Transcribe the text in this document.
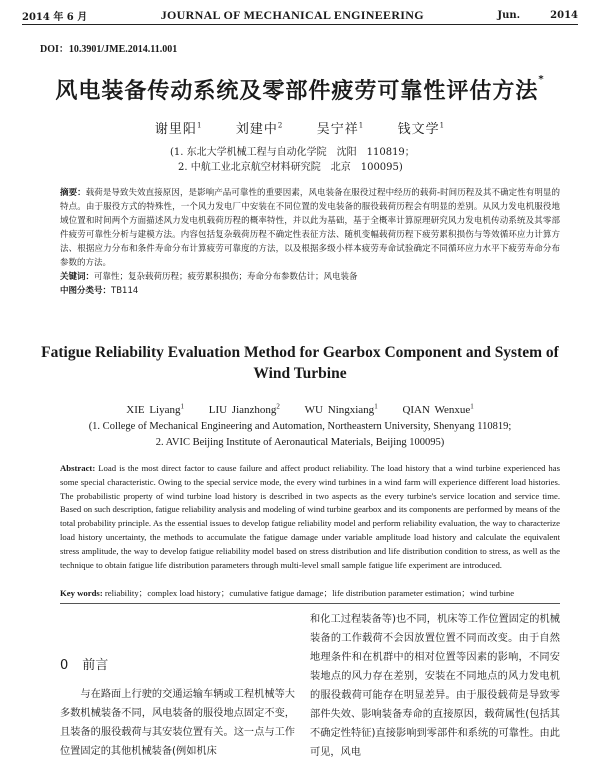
2014 年 6 月	JOURNAL OF MECHANICAL ENGINEERING	Jun.	2014
DOI：10.3901/JME.2014.11.001
风电装备传动系统及零部件疲劳可靠性评估方法*
谢里阳$^1$	刘建中$^2$	吴宁祥$^1$	钱文学$^1$
(1. 东北大学机械工程与自动化学院　沈阳　110819；
2. 中航工业北京航空材料研究院　北京　100095)
摘要：载荷是导致失效直接原因，是影响产品可靠性的重要因素，风电装备在服役过程中经历的载荷-时间历程及其不确定性有明显的特点。由于服役方式的特殊性，一个风力发电厂中安装在不同位置的发电装备的服役载荷历程会有明显的差别。从风力发电机服役地域位置和时间两个方面描述风力发电机载荷历程的概率特性，并以此为基础，基于全概率计算原理研究风力发电机传动系统及其零部件疲劳可靠性分析与建模方法。内容包括复杂载荷历程不确定性表征方法、随机变幅载荷历程下疲劳累积损伤与等效循环应力计算方法、根据应力分布和条件寿命分布计算疲劳可靠度的方法，以及根据多级小样本疲劳寿命试验确定不同循环应力水平下疲劳寿命分布参数的方法。
关键词：可靠性；复杂载荷历程；疲劳累积损伤；寿命分布参数估计；风电装备
中图分类号：TB114
Fatigue Reliability Evaluation Method for Gearbox Component and System of Wind Turbine
XIE Liyang$^1$ LIU Jianzhong$^2$ WU Ningxiang$^1$ QIAN Wenxue$^1$
(1. College of Mechanical Engineering and Automation, Northeastern University, Shenyang 110819;
2. AVIC Beijing Institute of Aeronautical Materials, Beijing 100095)
Abstract: Load is the most direct factor to cause failure and affect product reliability. The load history that a wind turbine experienced has some special characteristic. Owing to the special service mode, the every wind turbines in a wind farm will experience different load histories. The probabilistic property of wind turbine load history is described in two aspects as the every turbine's service location and service time. Based on such description, fatigue reliability analysis and modeling of wind turbine gearbox and its components are performed by means of the total probability principle. As the essential issues to develop fatigue reliability model and perform reliability evaluation, the way to characterize load history uncertainty, the methods to accumulate the fatigue damage under variable amplitude load history and calculate the equivalent stress amplitude, the way to develop fatigue reliability model based on stress distribution and life distribution condition to stress, as well as the technique to obtain fatigue life distribution parameters through multi-level small sample fatigue life experiment are introduced.
Key words: reliability；complex load history；cumulative fatigue damage；life distribution parameter estimation；wind turbine
0 前言
与在路面上行驶的交通运输车辆或工程机械等大多数机械装备不同，风电装备的服役地点固定不变，且装备的服役载荷与其安装位置有关。这一点与工作位置固定的其他机械装备(例如机床
和化工过程装备等)也不同，机床等工作位置固定的机械装备的工作载荷不会因放置位置不同而改变。由于自然地理条件和在机群中的相对位置等因素的影响，不同安装地点的风力存在差别，安装在不同地点的风力发电机的服役载荷可能存在明显差异。由于服役载荷是导致零部件失效、影响装备寿命的直接原因，载荷属性(包括其不确定性特征)直接影响到零部件和系统的可靠性。由此可见，风电
